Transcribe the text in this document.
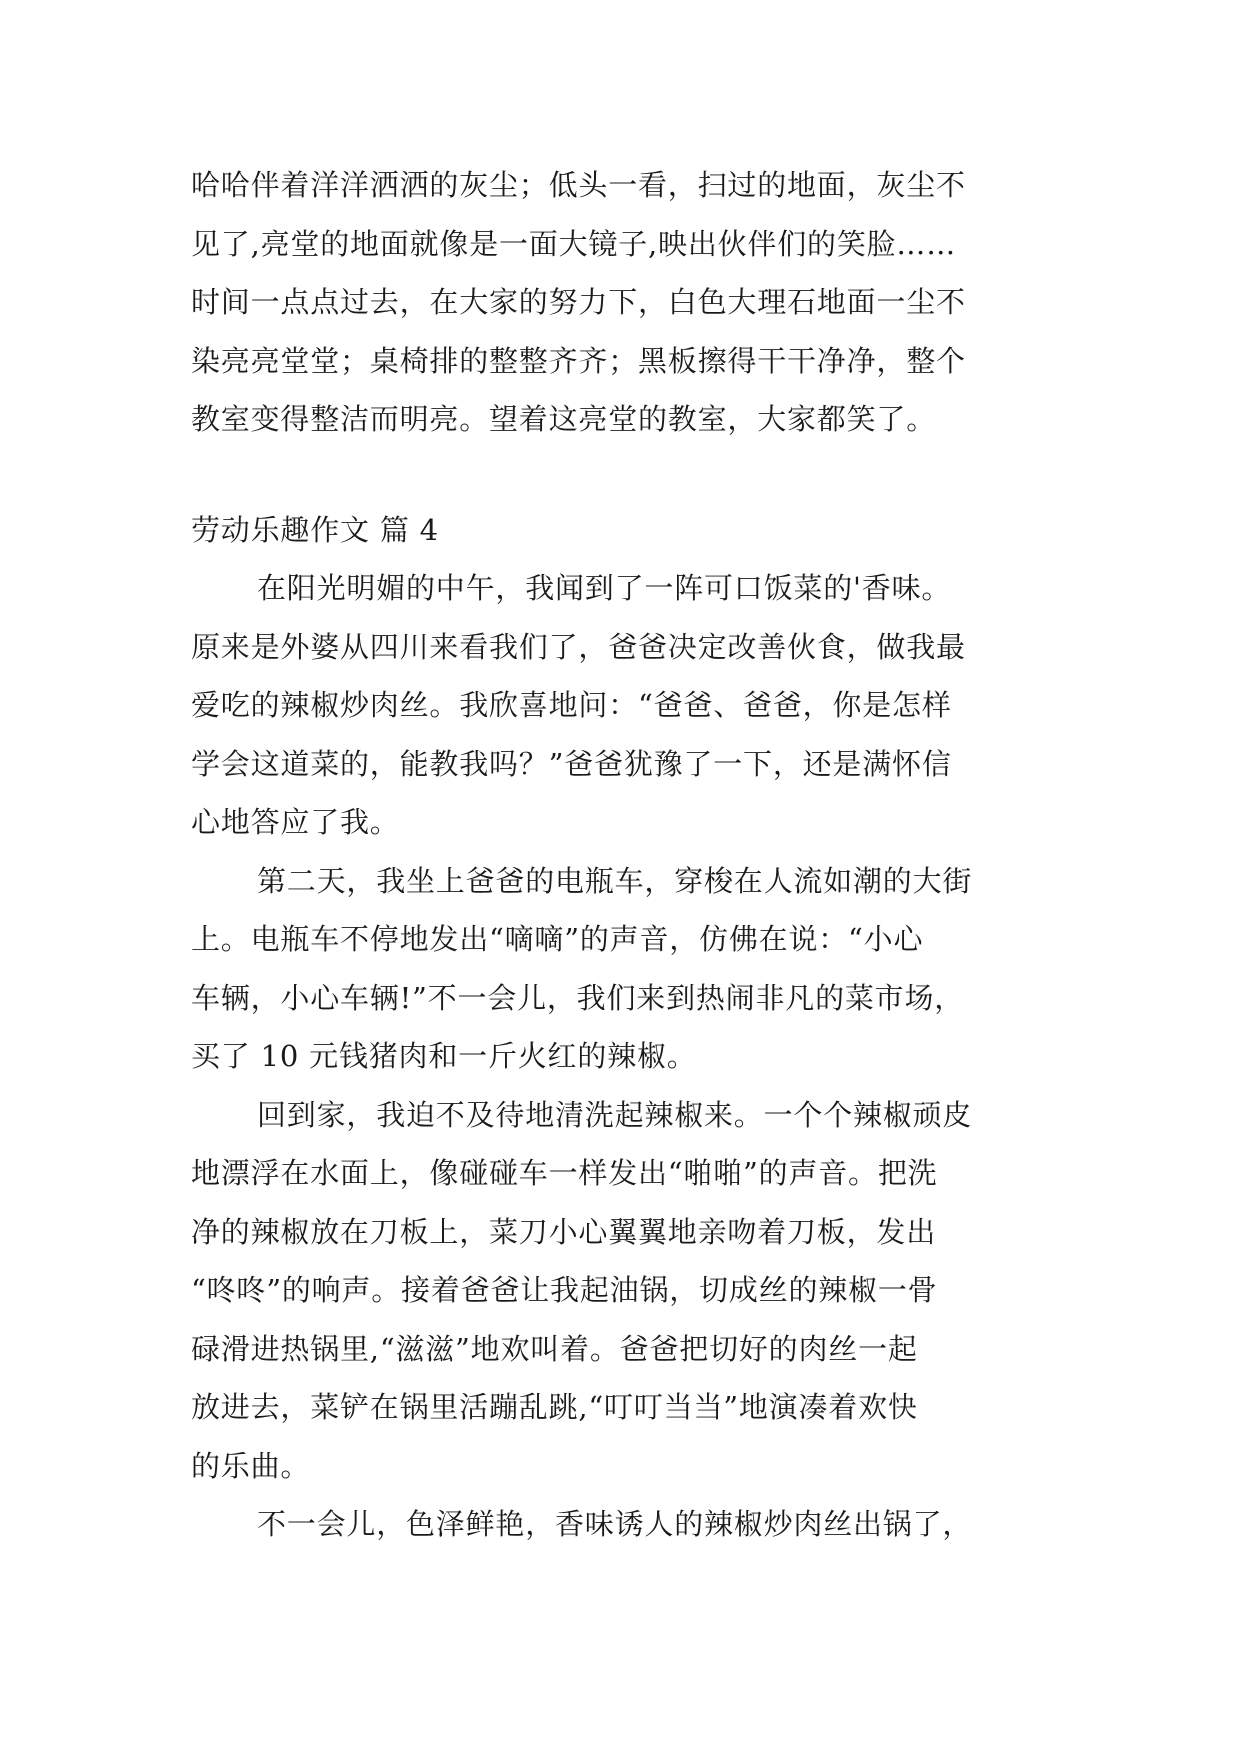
哈哈伴着洋洋洒洒的灰尘；低头一看，扫过的地面，灰尘不
见了,亮堂的地面就像是一面大镜子,映出伙伴们的笑脸……
时间一点点过去，在大家的努力下，白色大理石地面一尘不
染亮亮堂堂；桌椅排的整整齐齐；黑板擦得干干净净，整个
教室变得整洁而明亮。望着这亮堂的教室，大家都笑了。
劳动乐趣作文 篇 4
在阳光明媚的中午，我闻到了一阵可口饭菜的'香味。
原来是外婆从四川来看我们了，爸爸决定改善伙食，做我最
爱吃的辣椒炒肉丝。我欣喜地问：“爸爸、爸爸，你是怎样
学会这道菜的，能教我吗？”爸爸犹豫了一下，还是满怀信
心地答应了我。
第二天，我坐上爸爸的电瓶车，穿梭在人流如潮的大街
上。电瓶车不停地发出“嘀嘀”的声音，仿佛在说：“小心
车辆，小心车辆!”不一会儿，我们来到热闹非凡的菜市场，
买了 10 元钱猪肉和一斤火红的辣椒。
回到家，我迫不及待地清洗起辣椒来。一个个辣椒顽皮
地漂浮在水面上，像碰碰车一样发出“啪啪”的声音。把洗
净的辣椒放在刀板上，菜刀小心翼翼地亲吻着刀板，发出
“咚咚”的响声。接着爸爸让我起油锅，切成丝的辣椒一骨
碌滑进热锅里,“滋滋”地欢叫着。爸爸把切好的肉丝一起
放进去，菜铲在锅里活蹦乱跳,“叮叮当当”地演凑着欢快
的乐曲。
不一会儿，色泽鲜艳，香味诱人的辣椒炒肉丝出锅了，
